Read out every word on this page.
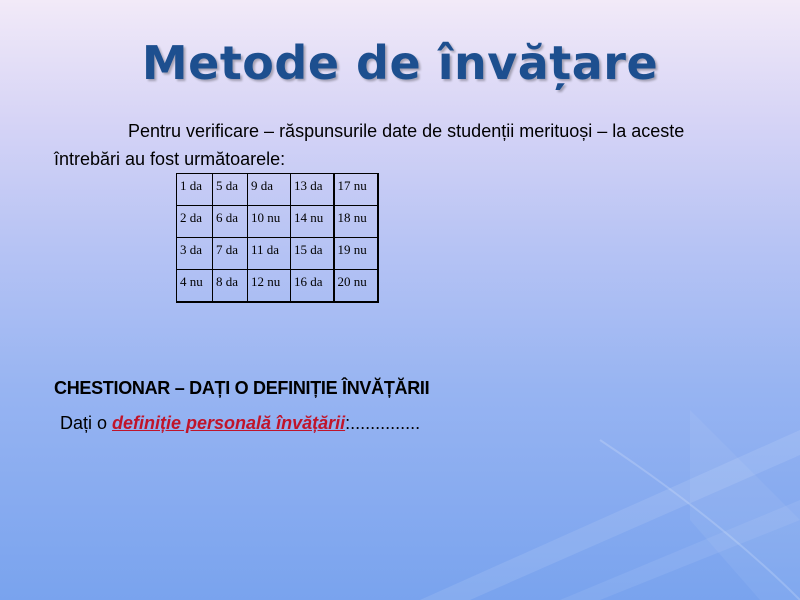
Metode de învățare

Pentru verificare – răspunsurile date de studenții merituoși – la aceste întrebări au fost următoarele:

1 da	5 da	9 da	13 da	17 nu
2 da	6 da	10 nu	14 nu	18 nu
3 da	7 da	11 da	15 da	19 nu
4 nu	8 da	12 nu	16 da	20 nu

CHESTIONAR – DAȚI O DEFINIȚIE ÎNVĂȚĂRII

Dați o definiție personală învățării:..............
